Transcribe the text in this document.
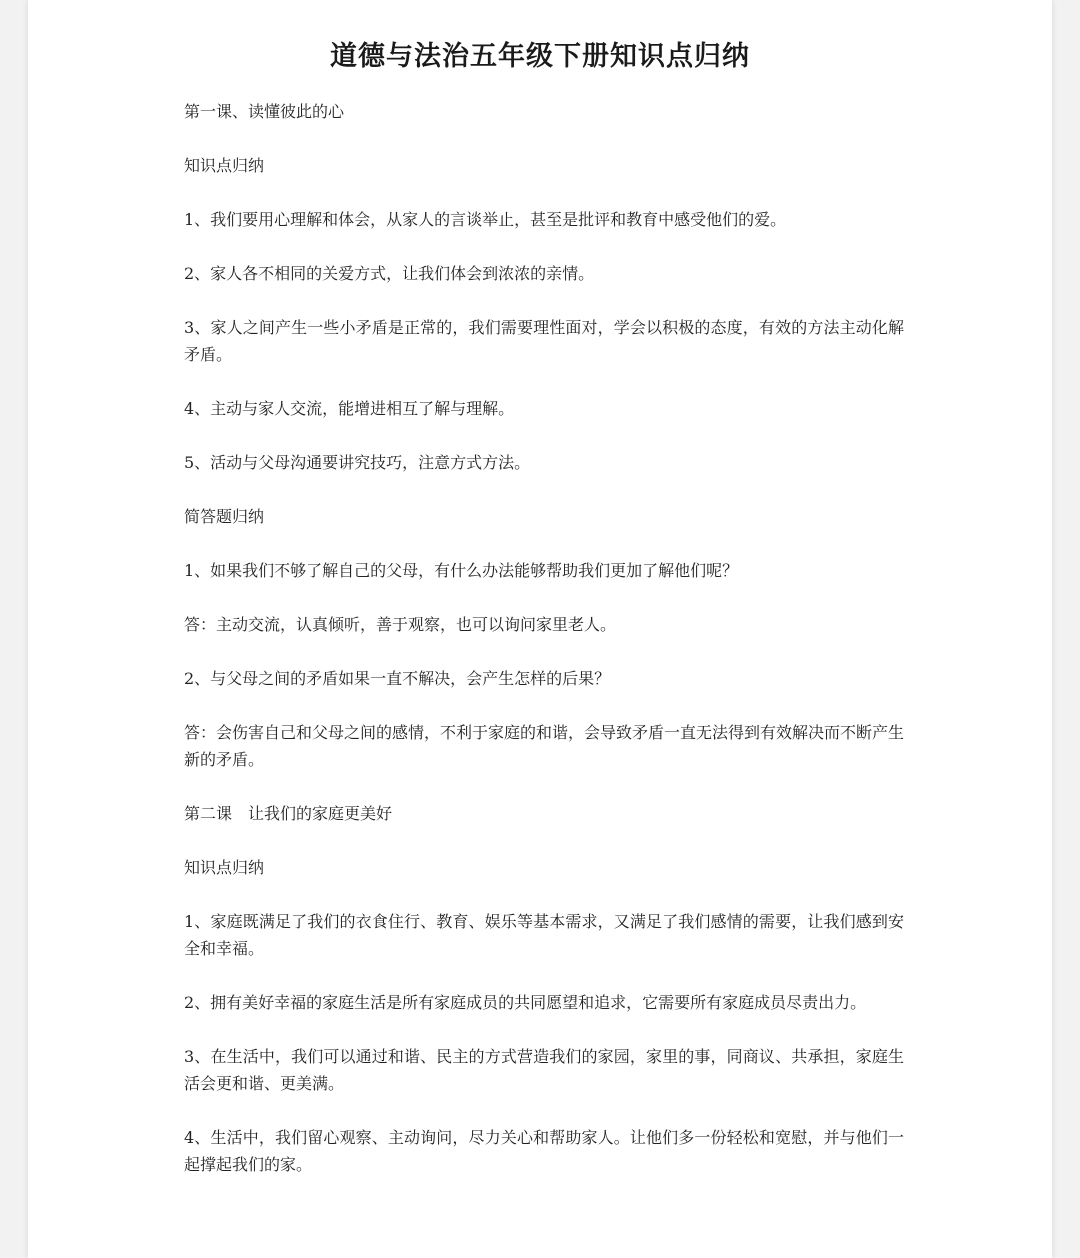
道德与法治五年级下册知识点归纳

第一课、读懂彼此的心

知识点归纳

1、我们要用心理解和体会，从家人的言谈举止，甚至是批评和教育中感受他们的爱。

2、家人各不相同的关爱方式，让我们体会到浓浓的亲情。

3、家人之间产生一些小矛盾是正常的，我们需要理性面对，学会以积极的态度，有效的方法主动化解矛盾。

4、主动与家人交流，能增进相互了解与理解。

5、活动与父母沟通要讲究技巧，注意方式方法。

简答题归纳

1、如果我们不够了解自己的父母，有什么办法能够帮助我们更加了解他们呢？

答：主动交流，认真倾听，善于观察，也可以询问家里老人。

2、与父母之间的矛盾如果一直不解决，会产生怎样的后果？

答：会伤害自己和父母之间的感情，不利于家庭的和谐，会导致矛盾一直无法得到有效解决而不断产生新的矛盾。

第二课　让我们的家庭更美好

知识点归纳

1、家庭既满足了我们的衣食住行、教育、娱乐等基本需求，又满足了我们感情的需要，让我们感到安全和幸福。

2、拥有美好幸福的家庭生活是所有家庭成员的共同愿望和追求，它需要所有家庭成员尽责出力。

3、在生活中，我们可以通过和谐、民主的方式营造我们的家园，家里的事，同商议、共承担，家庭生活会更和谐、更美满。

4、生活中，我们留心观察、主动询问，尽力关心和帮助家人。让他们多一份轻松和宽慰，并与他们一起撑起我们的家。
